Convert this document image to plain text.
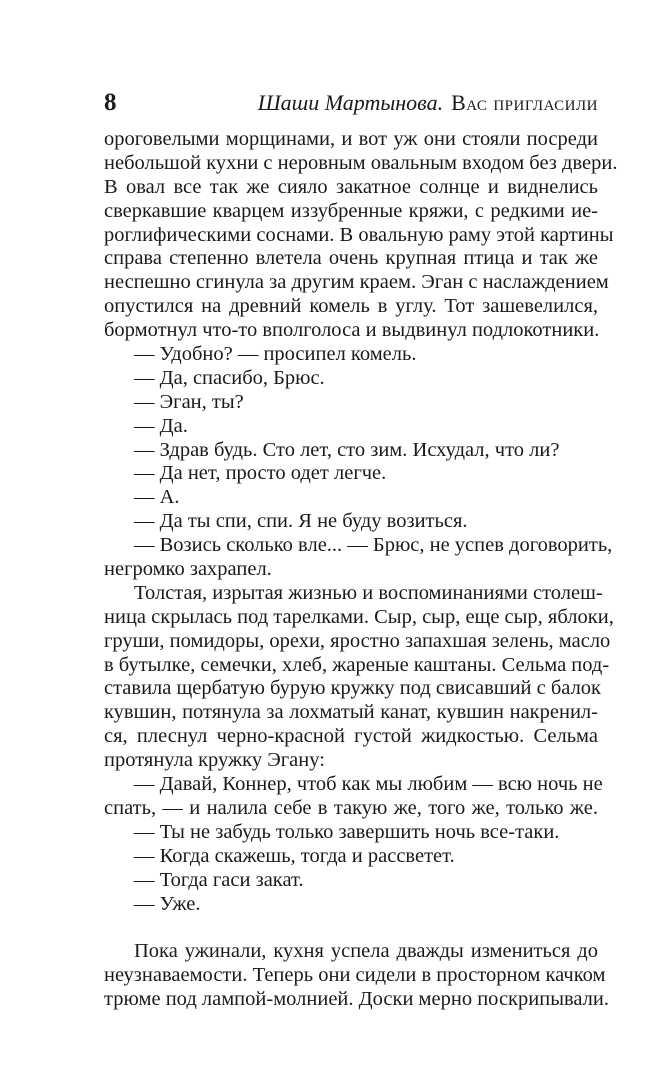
8	Шаши Мартынова. Вас пригласили
ороговелыми морщинами, и вот уж они стояли посреди
небольшой кухни с неровным овальным входом без двери.
В овал все так же сияло закатное солнце и виднелись
сверкавшие кварцем иззубренные кряжи, с редкими ие-
роглифическими соснами. В овальную раму этой картины
справа степенно влетела очень крупная птица и так же
неспешно сгинула за другим краем. Эган с наслаждением
опустился на древний комель в углу. Тот зашевелился,
бормотнул что-то вполголоса и выдвинул подлокотники.
— Удобно? — просипел комель.
— Да, спасибо, Брюс.
— Эган, ты?
— Да.
— Здрав будь. Сто лет, сто зим. Исхудал, что ли?
— Да нет, просто одет легче.
— А.
— Да ты спи, спи. Я не буду возиться.
— Возись сколько вле... — Брюс, не успев договорить,
негромко захрапел.
Толстая, изрытая жизнью и воспоминаниями столеш-
ница скрылась под тарелками. Сыр, сыр, еще сыр, яблоки,
груши, помидоры, орехи, яростно запахшая зелень, масло
в бутылке, семечки, хлеб, жареные каштаны. Сельма под-
ставила щербатую бурую кружку под свисавший с балок
кувшин, потянула за лохматый канат, кувшин накренил-
ся, плеснул черно-красной густой жидкостью. Сельма
протянула кружку Эгану:
— Давай, Коннер, чтоб как мы любим — всю ночь не
спать, — и налила себе в такую же, того же, только же.
— Ты не забудь только завершить ночь все-таки.
— Когда скажешь, тогда и рассветет.
— Тогда гаси закат.
— Уже.
Пока ужинали, кухня успела дважды измениться до
неузнаваемости. Теперь они сидели в просторном качком
трюме под лампой-молнией. Доски мерно поскрипывали.
